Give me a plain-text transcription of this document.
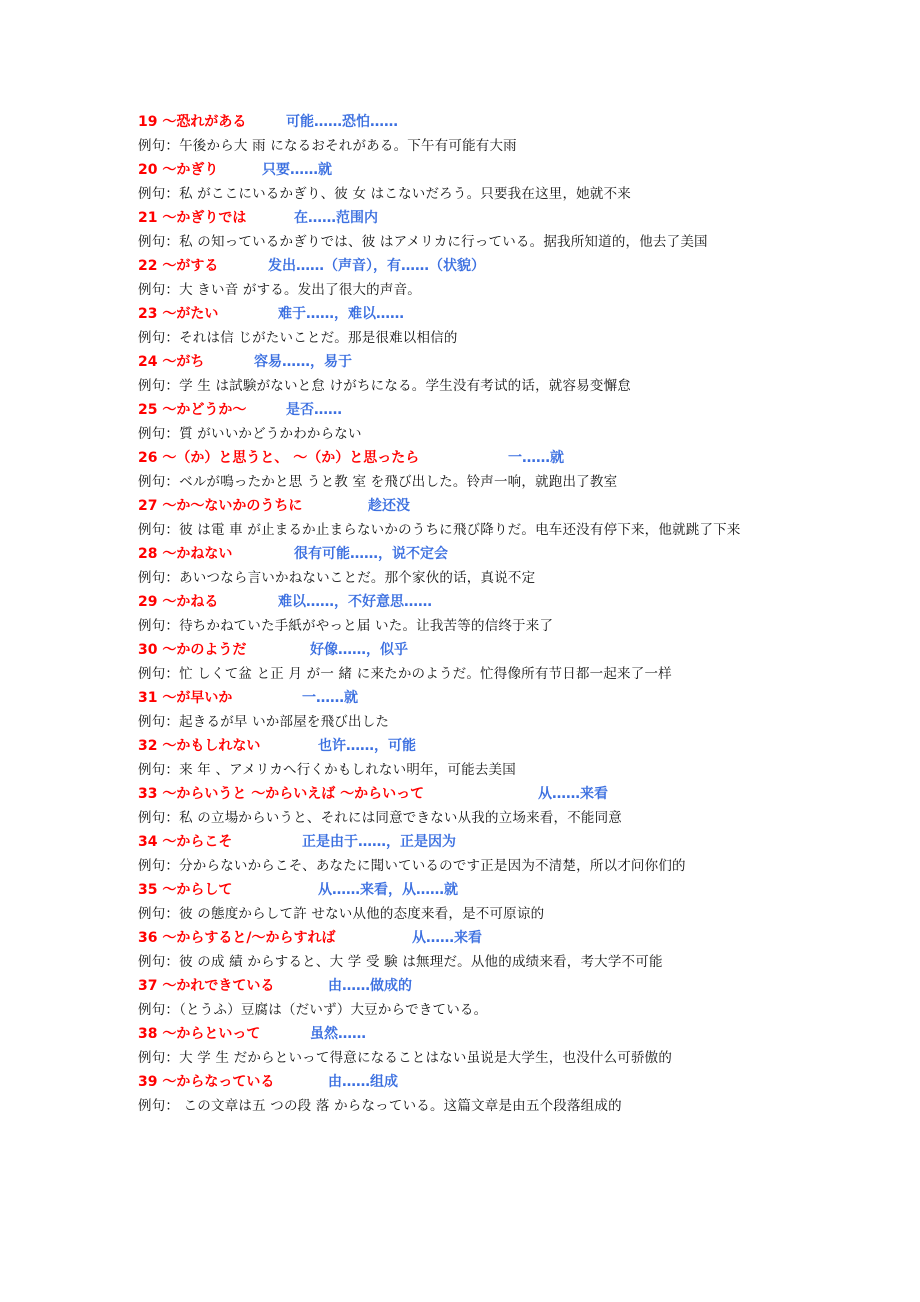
19 ～恐れがある	可能……恐怕……
例句：午後から大 雨 になるおそれがある。下午有可能有大雨
20 ～かぎり	只要……就
例句：私 がここにいるかぎり、彼 女 はこないだろう。只要我在这里，她就不来
21 ～かぎりでは	在……范围内
例句：私 の知っているかぎりでは、彼 はアメリカに行っている。据我所知道的，他去了美国
22 ～がする	发出……（声音），有……（状貌）
例句：大 きい音 がする。发出了很大的声音。
23 ～がたい	难于……，难以……
例句：それは信 じがたいことだ。那是很难以相信的
24 ～がち	容易……，易于
例句：学 生 は試験がないと怠 けがちになる。学生没有考试的话，就容易变懈怠
25 ～かどうか～	是否……
例句：質 がいいかどうかわからない
26 ～（か）と思うと、 ～（か）と思ったら	一……就
例句：ベルが鳴ったかと思 うと教 室 を飛び出した。铃声一响，就跑出了教室
27 ～か～ないかのうちに	趁还没
例句：彼 は電 車 が止まるか止まらないかのうちに飛び降りだ。电车还没有停下来，他就跳了下来
28 ～かねない	很有可能……，说不定会
例句：あいつなら言いかねないことだ。那个家伙的话，真说不定
29 ～かねる	难以……，不好意思……
例句：待ちかねていた手紙がやっと届 いた。让我苦等的信终于来了
30 ～かのようだ	好像……，似乎
例句：忙 しくて盆 と正 月 が一 緒 に来たかのようだ。忙得像所有节日都一起来了一样
31 ～が早いか	一……就
例句：起きるが早 いか部屋を飛び出した
32 ～かもしれない	也许……，可能
例句：来 年 、アメリカへ行くかもしれない明年，可能去美国
33 ～からいうと ～からいえば ～からいって	从……来看
例句：私 の立場からいうと、それには同意できない从我的立场来看，不能同意
34 ～からこそ	正是由于……，正是因为
例句：分からないからこそ、あなたに聞いているのです正是因为不清楚，所以才问你们的
35 ～からして	从……来看，从……就
例句：彼 の態度からして許 せない从他的态度来看，是不可原谅的
36 ～からすると/～からすれば	从……来看
例句：彼 の成 績 からすると、大 学 受 験 は無理だ。从他的成绩来看，考大学不可能
37 ～かれできている	由……做成的
例句：（とうふ）豆腐は（だいず）大豆からできている。
38 ～からといって	虽然……
例句：大 学 生 だからといって得意になることはない虽说是大学生，也没什么可骄傲的
39 ～からなっている	由……组成
例句： この文章は五 つの段 落 からなっている。这篇文章是由五个段落组成的
